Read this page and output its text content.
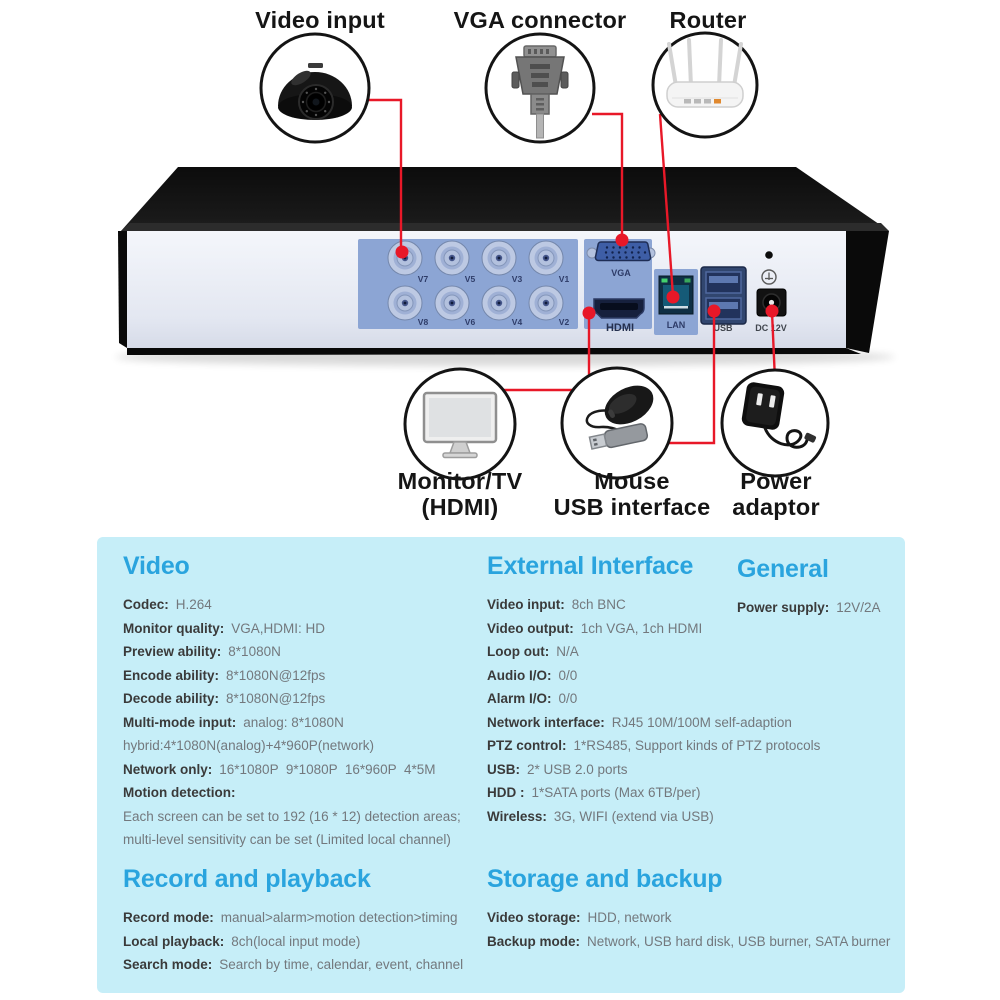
V7	V5	V3	V1
V8	V6	V4	V2
VGA
HDMI	LAN	USB	DC 12V
Video input	VGA connector Router
Monitor/TV
(HDMI)
Mouse
USB interface
Power
adaptor
Video
Codec: H.264
Monitor quality: VGA,HDMI: HD
Preview ability: 8*1080N
Encode ability: 8*1080N@12fps
Decode ability: 8*1080N@12fps
Multi-mode input: analog: 8*1080N
hybrid:4*1080N(analog)+4*960P(network)
Network only: 16*1080P  9*1080P  16*960P  4*5M
Motion detection:
Each screen can be set to 192 (16 * 12) detection areas;
multi-level sensitivity can be set (Limited local channel)
External Interface
Video input: 8ch BNC
Video output: 1ch VGA, 1ch HDMI
Loop out: N/A
Audio I/O: 0/0
Alarm I/O: 0/0
Network interface: RJ45 10M/100M self-adaption
PTZ control: 1*RS485, Support kinds of PTZ protocols
USB: 2* USB 2.0 ports
HDD : 1*SATA ports (Max 6TB/per)
Wireless: 3G, WIFI (extend via USB)
General
Power supply: 12V/2A
Record and playback
Record mode: manual>alarm>motion detection>timing
Local playback: 8ch(local input mode)
Search mode: Search by time, calendar, event, channel
Storage and backup
Video storage: HDD, network
Backup mode: Network, USB hard disk, USB burner, SATA burner
